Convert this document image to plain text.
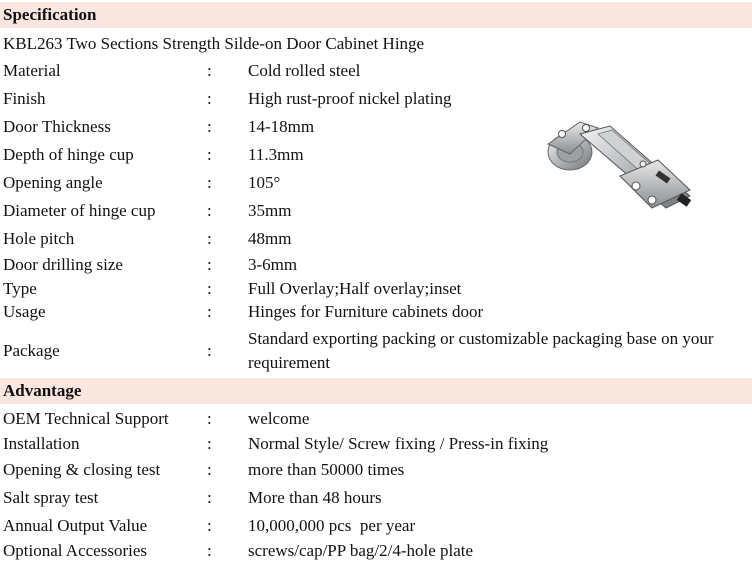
Specification
KBL263 Two Sections Strength Silde-on Door Cabinet Hinge
Material	: Cold rolled steel
Finish	: High rust-proof nickel plating
Door Thickness	: 14-18mm
Depth of hinge cup	: 11.3mm
Opening angle	: 105°
Diameter of hinge cup	: 35mm
Hole pitch	: 48mm
Door drilling size	: 3-6mm
Type	: Full Overlay;Half overlay;inset
Usage	: Hinges for Furniture cabinets door
Package	:
Standard exporting packing or customizable packaging base on your requirement
Advantage
OEM Technical Support : welcome
Installation	: Normal Style/ Screw fixing / Press-in fixing
Opening & closing test	: more than 50000 times
Salt spray test	: More than 48 hours
Annual Output Value	: 10,000,000 pcs  per year
Optional Accessories	: screws/cap/PP bag/2/4-hole plate
